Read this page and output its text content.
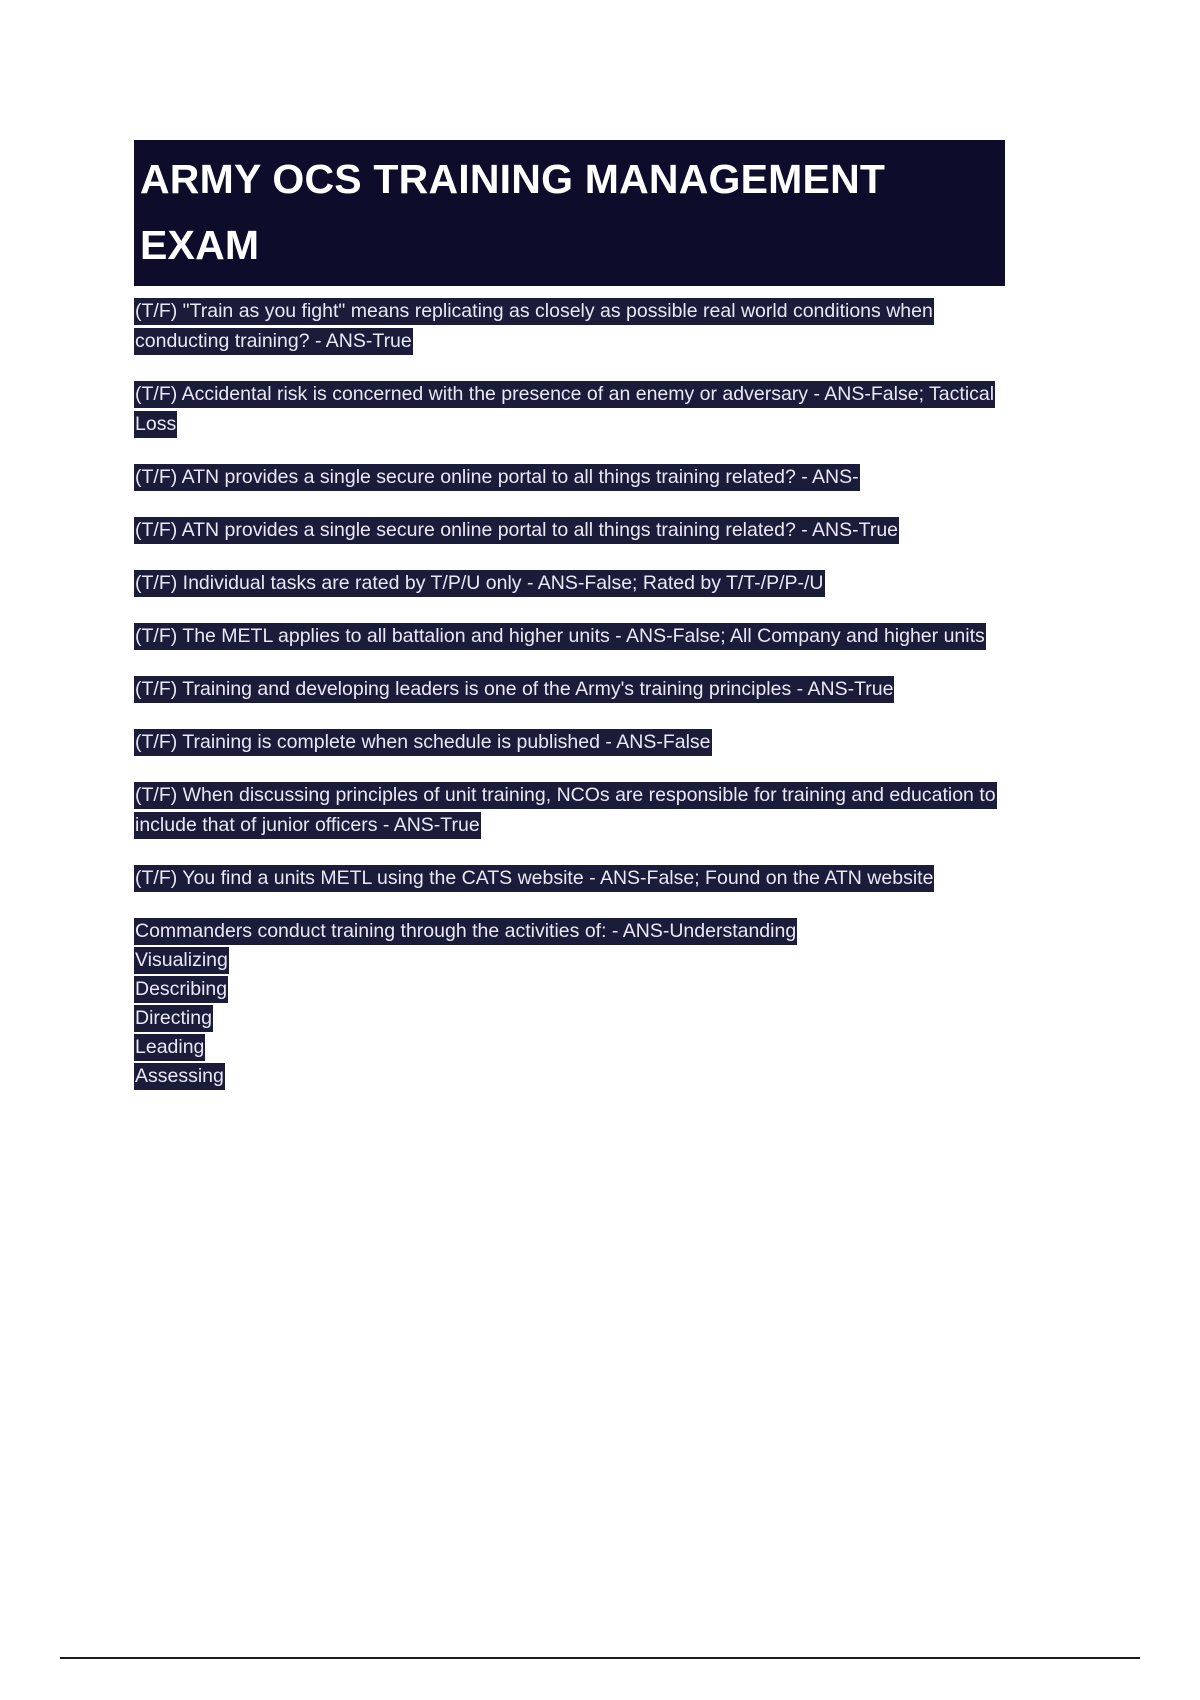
ARMY OCS TRAINING MANAGEMENT EXAM

(T/F) "Train as you fight" means replicating as closely as possible real world conditions when conducting training? - ANS-True

(T/F) Accidental risk is concerned with the presence of an enemy or adversary - ANS-False; Tactical Loss

(T/F) ATN provides a single secure online portal to all things training related? - ANS-

(T/F) ATN provides a single secure online portal to all things training related? - ANS-True

(T/F) Individual tasks are rated by T/P/U only - ANS-False; Rated by T/T-/P/P-/U

(T/F) The METL applies to all battalion and higher units - ANS-False; All Company and higher units

(T/F) Training and developing leaders is one of the Army's training principles - ANS-True

(T/F) Training is complete when schedule is published - ANS-False

(T/F) When discussing principles of unit training, NCOs are responsible for training and education to include that of junior officers - ANS-True

(T/F) You find a units METL using the CATS website - ANS-False; Found on the ATN website

Commanders conduct training through the activities of: - ANS-Understanding

Visualizing

Describing

Directing

Leading

Assessing
